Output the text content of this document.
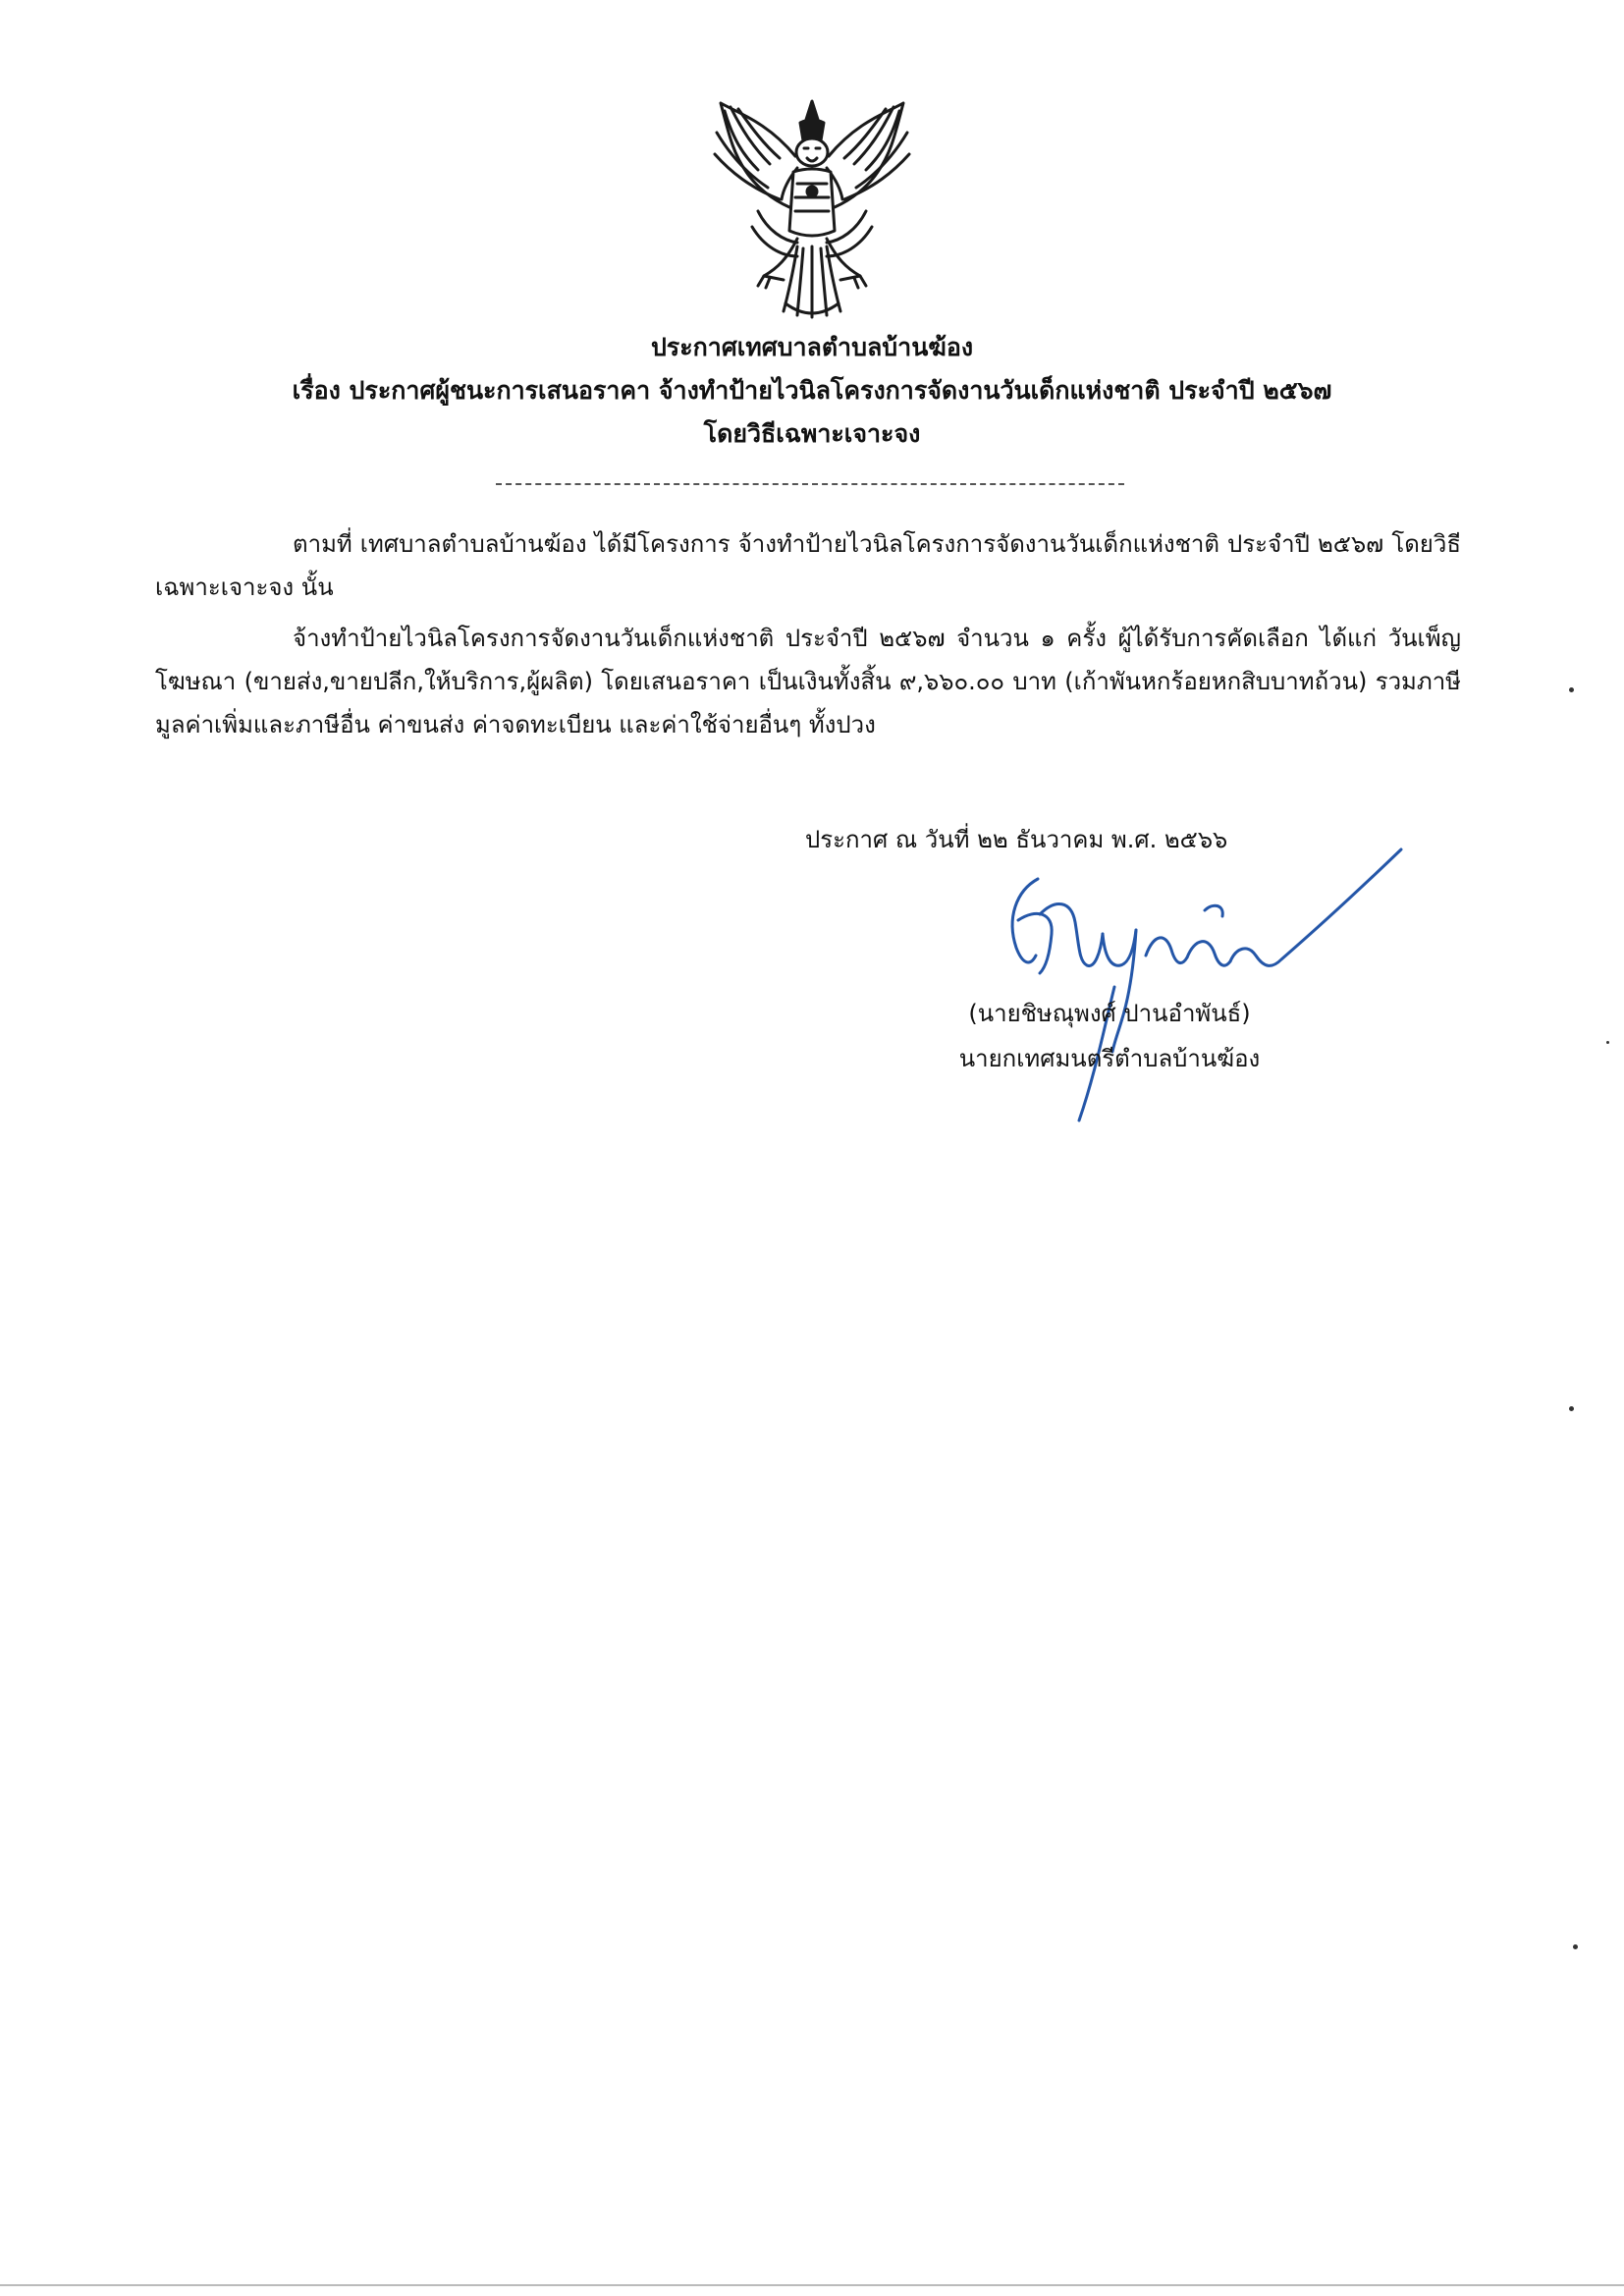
ประกาศเทศบาลตำบลบ้านฆ้อง
เรื่อง ประกาศผู้ชนะการเสนอราคา จ้างทำป้ายไวนิลโครงการจัดงานวันเด็กแห่งชาติ ประจำปี ๒๕๖๗
โดยวิธีเฉพาะเจาะจง
ตามที่ เทศบาลตำบลบ้านฆ้อง ได้มีโครงการ จ้างทำป้ายไวนิลโครงการจัดงานวันเด็กแห่งชาติ ประจำปี ๒๕๖๗ โดยวิธีเฉพาะเจาะจง นั้น
จ้างทำป้ายไวนิลโครงการจัดงานวันเด็กแห่งชาติ ประจำปี ๒๕๖๗ จำนวน ๑ ครั้ง ผู้ได้รับการคัดเลือก ได้แก่ วันเพ็ญโฆษณา (ขายส่ง,ขายปลีก,ให้บริการ,ผู้ผลิต) โดยเสนอราคา เป็นเงินทั้งสิ้น ๙,๖๖๐.๐๐ บาท (เก้าพันหกร้อยหกสิบบาทถ้วน) รวมภาษีมูลค่าเพิ่มและภาษีอื่น ค่าขนส่ง ค่าจดทะเบียน และค่าใช้จ่ายอื่นๆ ทั้งปวง
ประกาศ ณ วันที่ ๒๒ ธันวาคม พ.ศ. ๒๕๖๖
(นายชิษณุพงศ์ ปานอำพันธ์)
นายกเทศมนตรีตำบลบ้านฆ้อง
